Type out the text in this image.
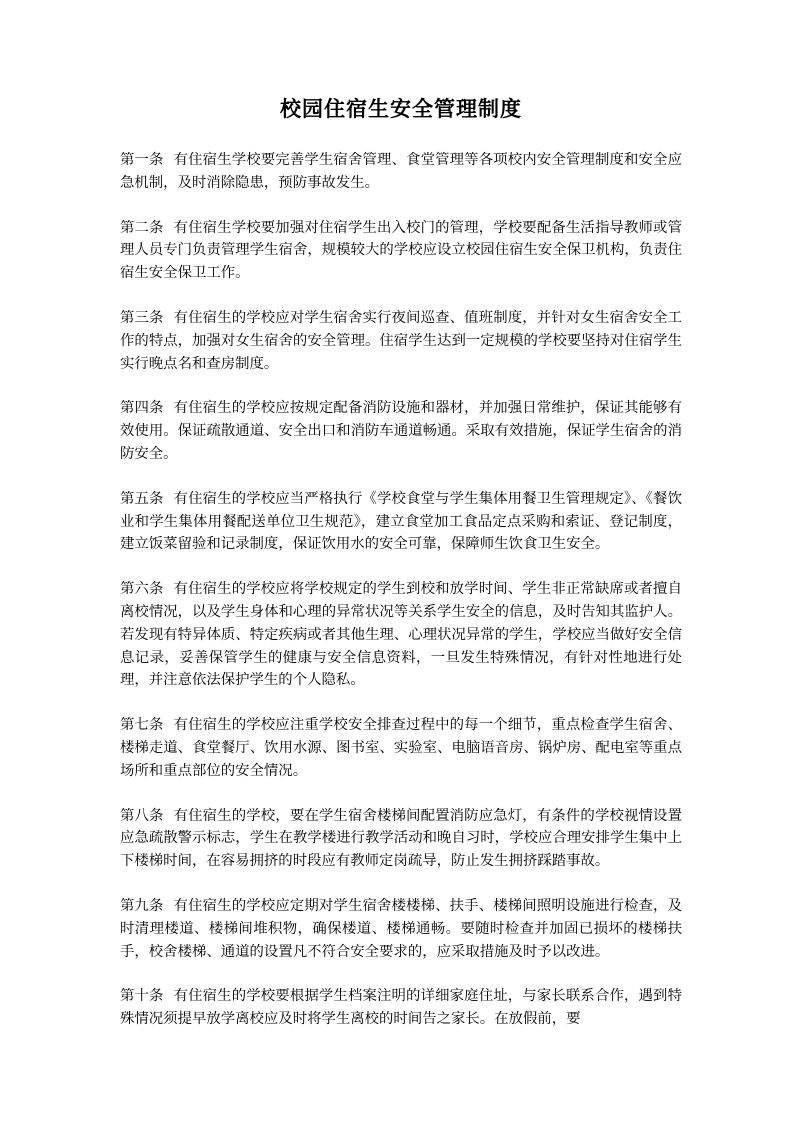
校园住宿生安全管理制度

第一条 有住宿生学校要完善学生宿舍管理、食堂管理等各项校内安全管理制度和安全应急机制，及时消除隐患，预防事故发生。

第二条 有住宿生学校要加强对住宿学生出入校门的管理，学校要配备生活指导教师或管理人员专门负责管理学生宿舍，规模较大的学校应设立校园住宿生安全保卫机构，负责住宿生安全保卫工作。

第三条 有住宿生的学校应对学生宿舍实行夜间巡查、值班制度，并针对女生宿舍安全工作的特点，加强对女生宿舍的安全管理。住宿学生达到一定规模的学校要坚持对住宿学生实行晚点名和查房制度。

第四条 有住宿生的学校应按规定配备消防设施和器材，并加强日常维护，保证其能够有效使用。保证疏散通道、安全出口和消防车通道畅通。采取有效措施，保证学生宿舍的消防安全。

第五条 有住宿生的学校应当严格执行《学校食堂与学生集体用餐卫生管理规定》、《餐饮业和学生集体用餐配送单位卫生规范》，建立食堂加工食品定点采购和索证、登记制度，建立饭菜留验和记录制度，保证饮用水的安全可靠，保障师生饮食卫生安全。

第六条 有住宿生的学校应将学校规定的学生到校和放学时间、学生非正常缺席或者擅自离校情况，以及学生身体和心理的异常状况等关系学生安全的信息，及时告知其监护人。若发现有特异体质、特定疾病或者其他生理、心理状况异常的学生，学校应当做好安全信息记录，妥善保管学生的健康与安全信息资料，一旦发生特殊情况，有针对性地进行处理，并注意依法保护学生的个人隐私。

第七条 有住宿生的学校应注重学校安全排查过程中的每一个细节，重点检查学生宿舍、楼梯走道、食堂餐厅、饮用水源、图书室、实验室、电脑语音房、锅炉房、配电室等重点场所和重点部位的安全情况。

第八条 有住宿生的学校，要在学生宿舍楼梯间配置消防应急灯，有条件的学校视情设置应急疏散警示标志，学生在教学楼进行教学活动和晚自习时，学校应合理安排学生集中上下楼梯时间，在容易拥挤的时段应有教师定岗疏导，防止发生拥挤踩踏事故。

第九条 有住宿生的学校应定期对学生宿舍楼楼梯、扶手、楼梯间照明设施进行检查，及时清理楼道、楼梯间堆积物，确保楼道、楼梯通畅。要随时检查并加固已损坏的楼梯扶手，校舍楼梯、通道的设置凡不符合安全要求的，应采取措施及时予以改进。

第十条 有住宿生的学校要根据学生档案注明的详细家庭住址，与家长联系合作，遇到特殊情况须提早放学离校应及时将学生离校的时间告之家长。在放假前，要
